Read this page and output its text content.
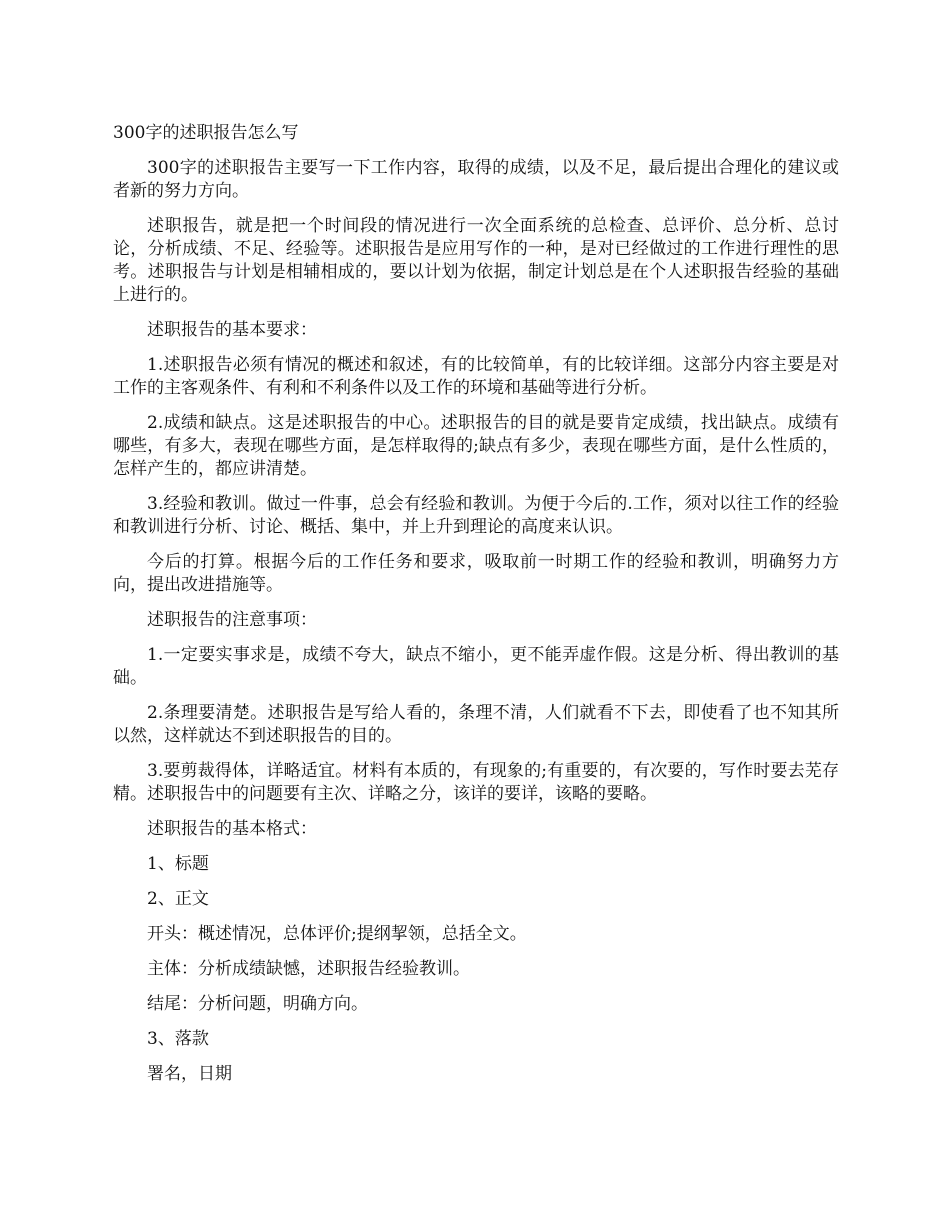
300字的述职报告怎么写

300字的述职报告主要写一下工作内容，取得的成绩，以及不足，最后提出合理化的建议或者新的努力方向。

述职报告，就是把一个时间段的情况进行一次全面系统的总检查、总评价、总分析、总讨论，分析成绩、不足、经验等。述职报告是应用写作的一种，是对已经做过的工作进行理性的思考。述职报告与计划是相辅相成的，要以计划为依据，制定计划总是在个人述职报告经验的基础上进行的。

述职报告的基本要求：

1.述职报告必须有情况的概述和叙述，有的比较简单，有的比较详细。这部分内容主要是对工作的主客观条件、有利和不利条件以及工作的环境和基础等进行分析。

2.成绩和缺点。这是述职报告的中心。述职报告的目的就是要肯定成绩，找出缺点。成绩有哪些，有多大，表现在哪些方面，是怎样取得的;缺点有多少，表现在哪些方面，是什么性质的，怎样产生的，都应讲清楚。

3.经验和教训。做过一件事，总会有经验和教训。为便于今后的.工作，须对以往工作的经验和教训进行分析、讨论、概括、集中，并上升到理论的高度来认识。

今后的打算。根据今后的工作任务和要求，吸取前一时期工作的经验和教训，明确努力方向，提出改进措施等。

述职报告的注意事项：

1.一定要实事求是，成绩不夸大，缺点不缩小，更不能弄虚作假。这是分析、得出教训的基础。

2.条理要清楚。述职报告是写给人看的，条理不清，人们就看不下去，即使看了也不知其所以然，这样就达不到述职报告的目的。

3.要剪裁得体，详略适宜。材料有本质的，有现象的;有重要的，有次要的，写作时要去芜存精。述职报告中的问题要有主次、详略之分，该详的要详，该略的要略。

述职报告的基本格式：

1、标题

2、正文

开头：概述情况，总体评价;提纲挈领，总括全文。

主体：分析成绩缺憾，述职报告经验教训。

结尾：分析问题，明确方向。

3、落款

署名，日期
